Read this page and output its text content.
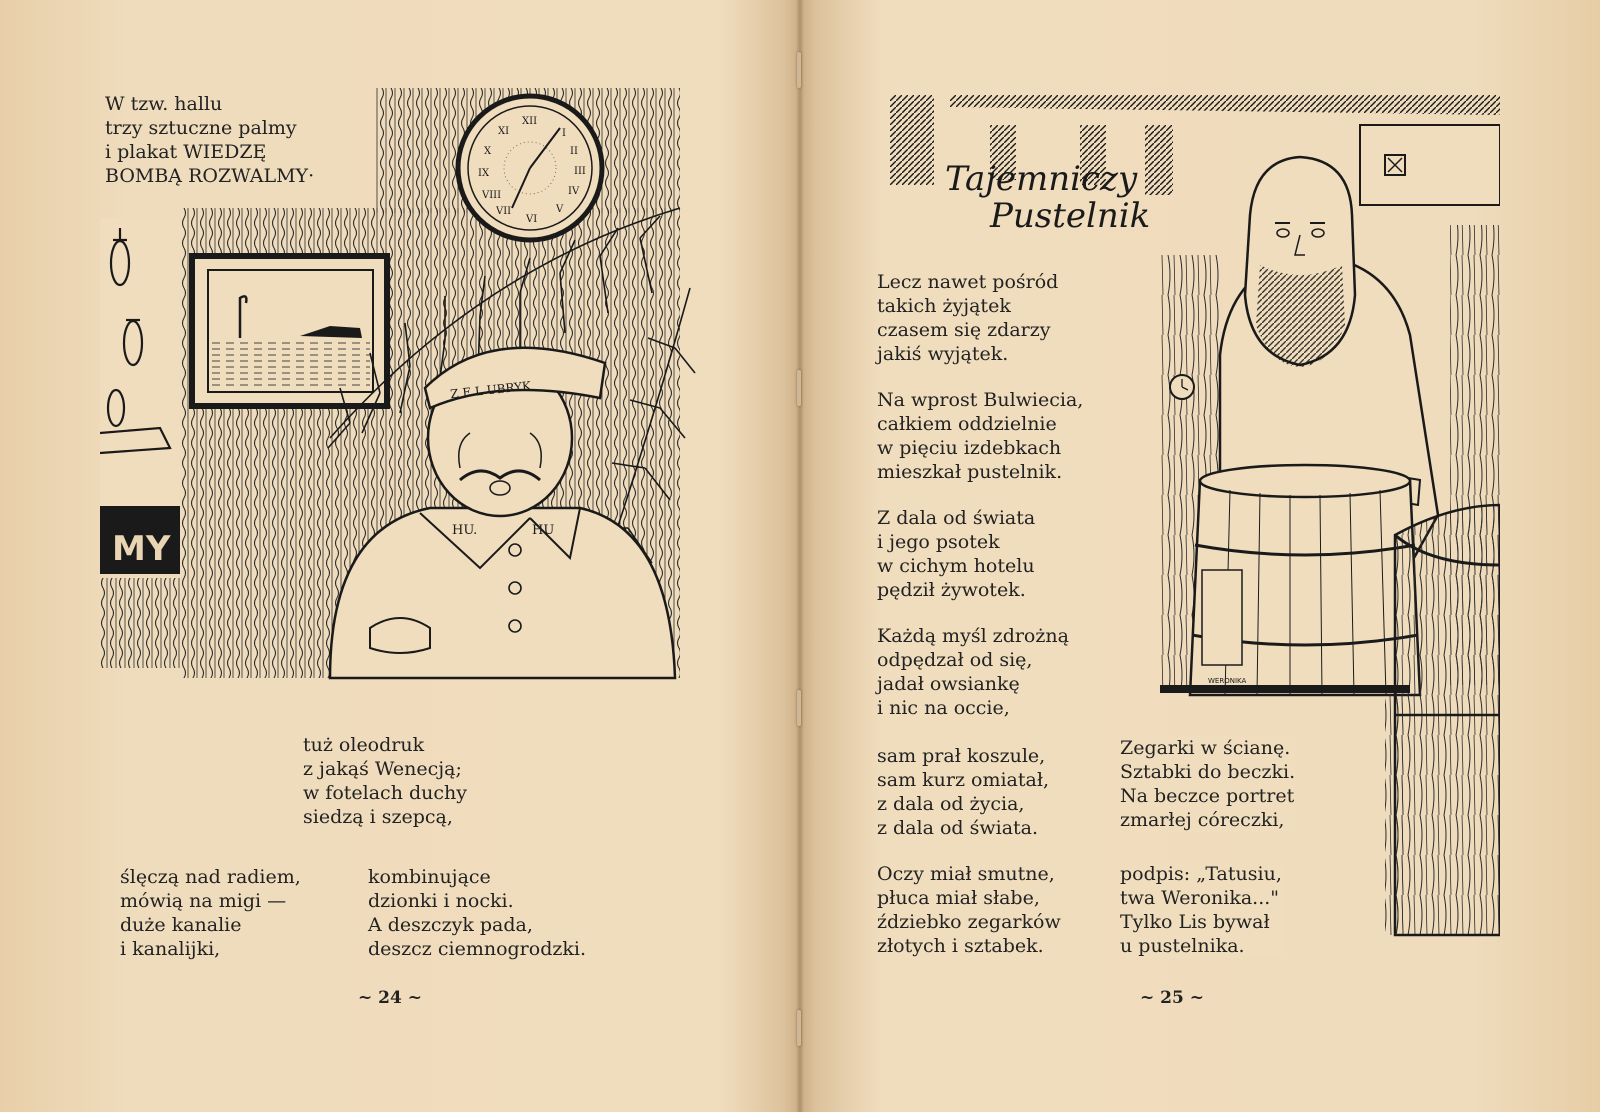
MY
XII
I
II
III
IV
V
VI
VII
VIII
IX
X
XI
HU.	HU
Z E L UBRYK

W tzw. hallu
trzy sztuczne palmy
i plakat WIEDZĘ
BOMBĄ ROZWALMY·

tuż oleodruk
z jakąś Wenecją;
w fotelach duchy
siedzą i szepcą,

ślęczą nad radiem,
mówią na migi —
duże kanalie
i kanalijki,

kombinujące
dzionki i nocki.
A deszczyk pada,
deszcz ciemnogrodzki.

~ 24 ~
Tajemniczy
Pustelnik
WERONIKA

Lecz nawet pośród
takich żyjątek
czasem się zdarzy
jakiś wyjątek.

Na wprost Bulwiecia,
całkiem oddzielnie
w pięciu izdebkach
mieszkał pustelnik.

Z dala od świata
i jego psotek
w cichym hotelu
pędził żywotek.

Każdą myśl zdrożną
odpędzał od się,
jadał owsiankę
i nic na occie,

sam prał koszule,
sam kurz omiatał,
z dala od życia,
z dala od świata.

Oczy miał smutne,
płuca miał słabe,
ździebko zegarków
złotych i sztabek.

Zegarki w ścianę.
Sztabki do beczki.
Na beczce portret
zmarłej córeczki,

podpis: „Tatusiu,
twa Weronika..."
Tylko Lis bywał
u pustelnika.

~ 25 ~
